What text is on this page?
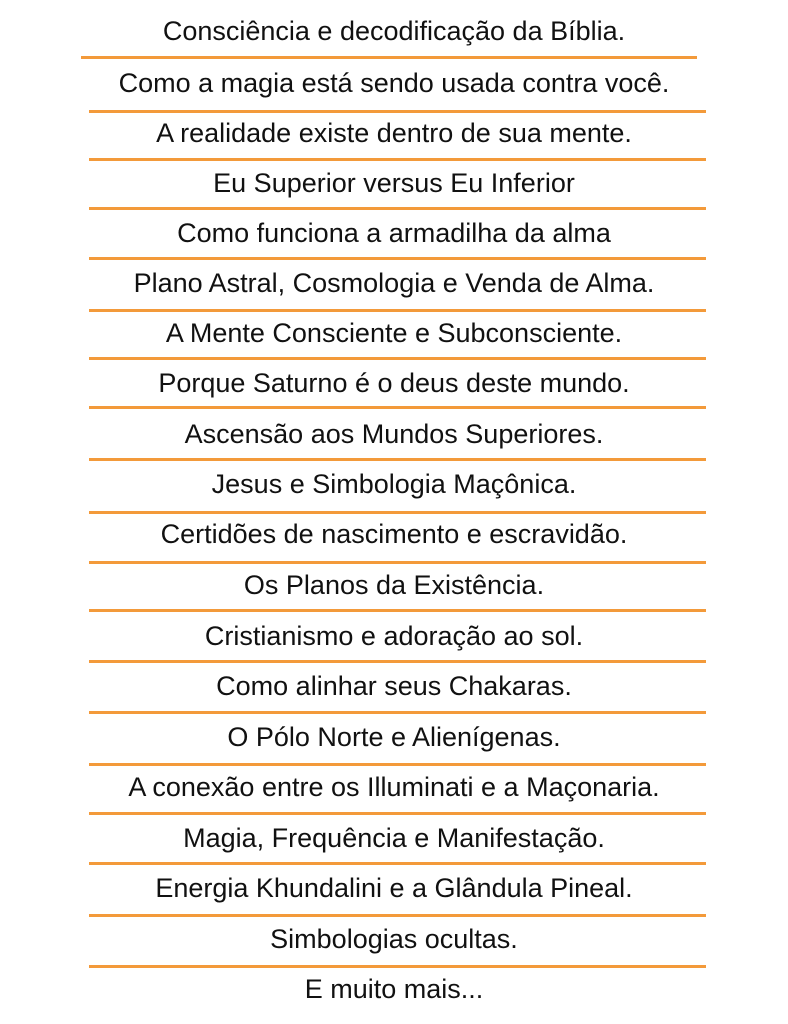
Consciência e decodificação da Bíblia.
Como a magia está sendo usada contra você.
A realidade existe dentro de sua mente.
Eu Superior versus Eu Inferior
Como funciona a armadilha da alma
Plano Astral, Cosmologia e Venda de Alma.
A Mente Consciente e Subconsciente.
Porque Saturno é o deus deste mundo.
Ascensão aos Mundos Superiores.
Jesus e Simbologia Maçônica.
Certidões de nascimento e escravidão.
Os Planos da Existência.
Cristianismo e adoração ao sol.
Como alinhar seus Chakaras.
O Pólo Norte e Alienígenas.
A conexão entre os Illuminati e a Maçonaria.
Magia, Frequência e Manifestação.
Energia Khundalini e a Glândula Pineal.
Simbologias ocultas.
E muito mais...
